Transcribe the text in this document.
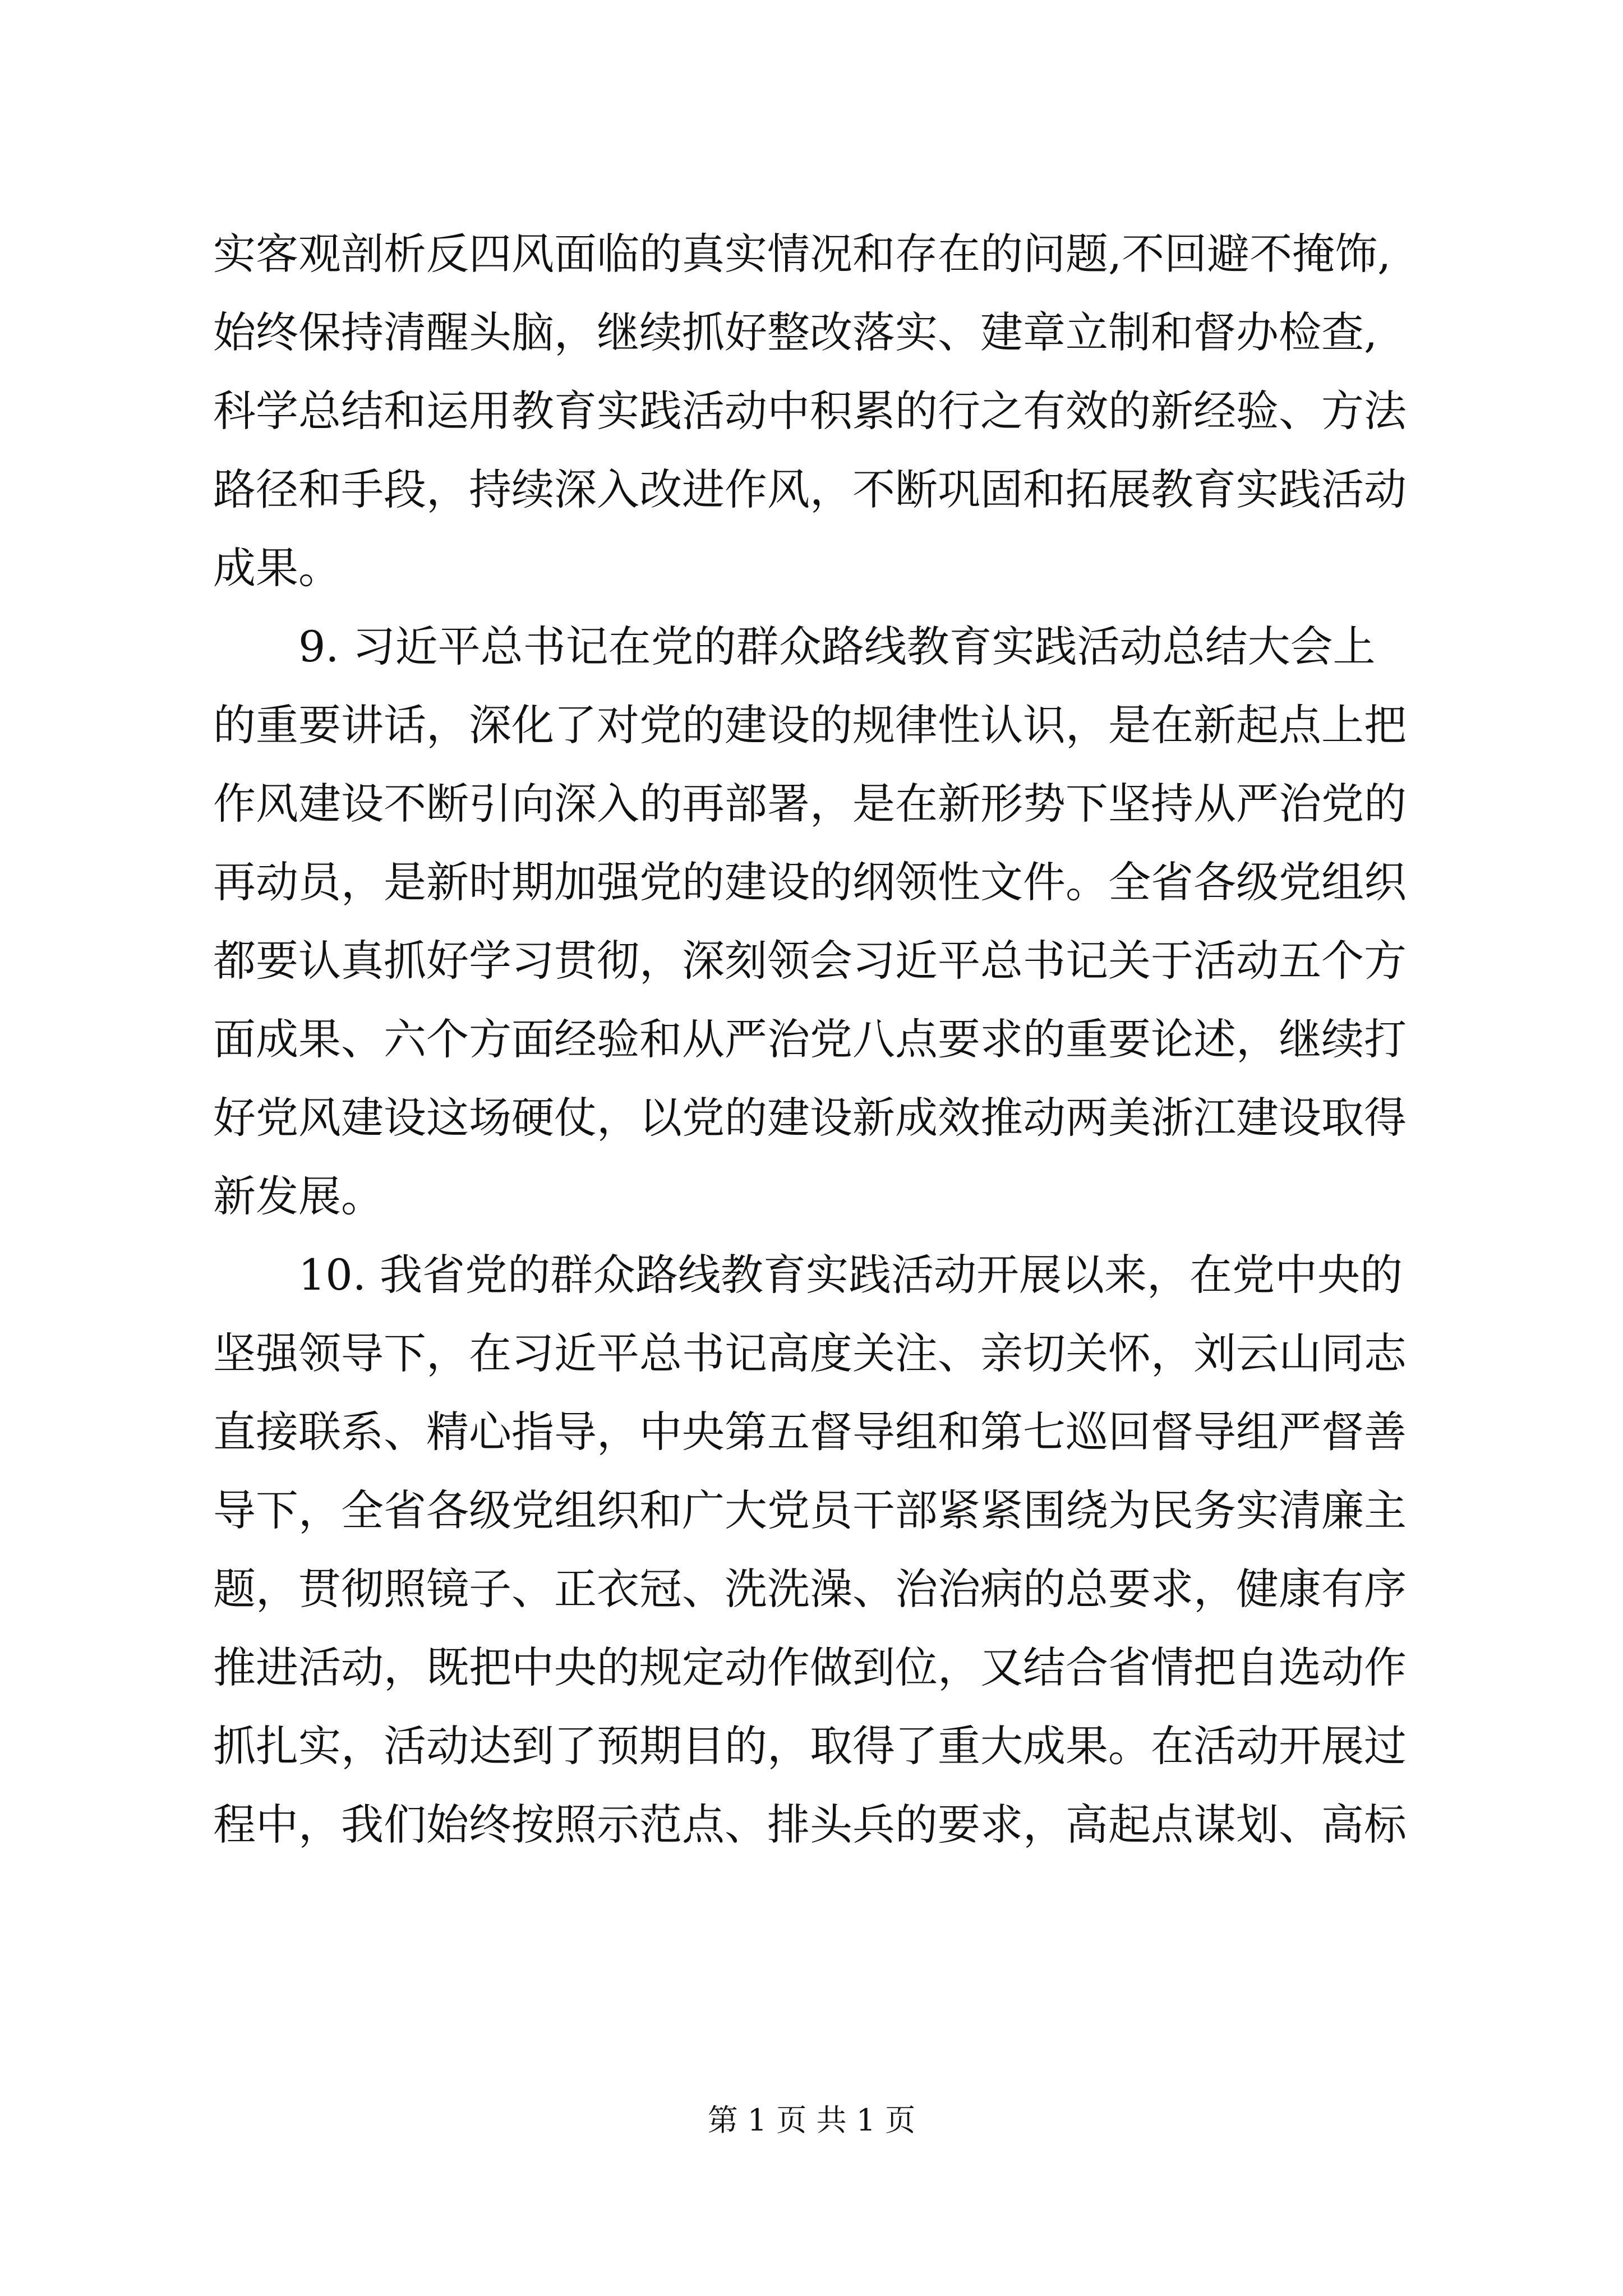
实客观剖析反四风面临的真实情况和存在的问题,不回避不掩饰,
始终保持清醒头脑，继续抓好整改落实、建章立制和督办检查,
科学总结和运用教育实践活动中积累的行之有效的新经验、方法
路径和手段，持续深入改进作风，不断巩固和拓展教育实践活动
成果。
9. 习近平总书记在党的群众路线教育实践活动总结大会上
的重要讲话，深化了对党的建设的规律性认识，是在新起点上把
作风建设不断引向深入的再部署，是在新形势下坚持从严治党的
再动员，是新时期加强党的建设的纲领性文件。全省各级党组织
都要认真抓好学习贯彻，深刻领会习近平总书记关于活动五个方
面成果、六个方面经验和从严治党八点要求的重要论述，继续打
好党风建设这场硬仗，以党的建设新成效推动两美浙江建设取得
新发展。
10. 我省党的群众路线教育实践活动开展以来，在党中央的
坚强领导下，在习近平总书记高度关注、亲切关怀，刘云山同志
直接联系、精心指导，中央第五督导组和第七巡回督导组严督善
导下，全省各级党组织和广大党员干部紧紧围绕为民务实清廉主
题，贯彻照镜子、正衣冠、洗洗澡、治治病的总要求，健康有序
推进活动，既把中央的规定动作做到位，又结合省情把自选动作
抓扎实，活动达到了预期目的，取得了重大成果。在活动开展过
程中，我们始终按照示范点、排头兵的要求，高起点谋划、高标
第 1 页 共 1 页
